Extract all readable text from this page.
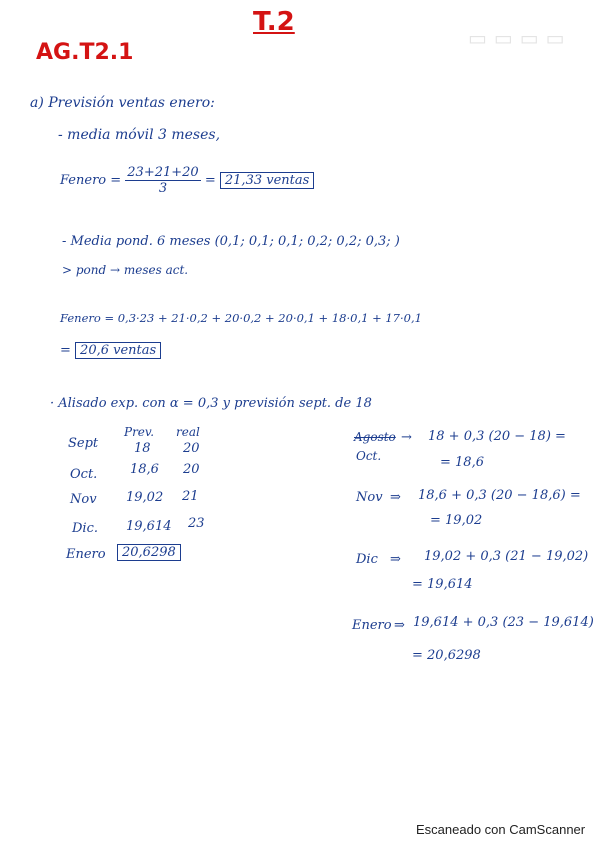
▭ ▭ ▭ ▭
T.2
AG.T2.1
a) Previsión ventas enero:
- media móvil 3 meses,
Fenero = $\frac{23+21+20}{3} = 21,33$ ventas
- Media pond. 6 meses (0,1; 0,1; 0,1; 0,2; 0,2; 0,3; )
> pond → meses act.
Fenero = 0,3·23 + 21·0,2 + 20·0,2 + 20·0,1 + 18·0,1 + 17·0,1
= 20,6 ventas
· Alisado exp. con α = 0,3 y previsión sept. de 18
Prev. real
Sept	18 20
Oct.	18,6 20
Nov 19,02 21
Dic. 19,614 23
Enero	20,6298
Agosto
Oct.
→ 18 + 0,3 (20 − 18) =
= 18,6
Nov ⇒ 18,6 + 0,3 (20 − 18,6) =
= 19,02
Dic ⇒ 19,02 + 0,3 (21 − 19,02)
= 19,614
Enero ⇒ 19,614 + 0,3 (23 − 19,614)
= 20,6298
Escaneado con CamScanner
